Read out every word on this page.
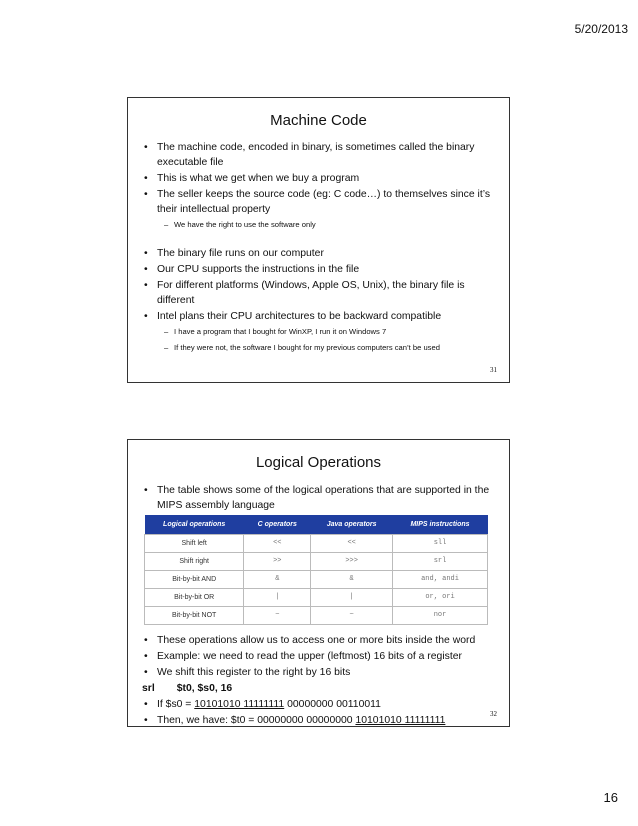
5/20/2013
Machine Code
• The machine code, encoded in binary, is sometimes called the binary executable file
• This is what we get when we buy a program
• The seller keeps the source code (eg: C code…) to themselves since it’s their intellectual property
– We have the right to use the software only
• The binary file runs on our computer
• Our CPU supports the instructions in the file
• For different platforms (Windows, Apple OS, Unix), the binary file is different
• Intel plans their CPU architectures to be backward compatible
– I have a program that I bought for WinXP, I run it on Windows 7
– If they were not, the software I bought for my previous computers can’t be used
31
Logical Operations
• The table shows some of the logical operations that are supported in the MIPS assembly language
Logical operations	C operators	Java operators	MIPS instructions
Shift left	<<	<<	sll
Shift right	>>	>>>	srl
Bit-by-bit AND	&	&	and, andi
Bit-by-bit OR	|	|	or, ori
Bit-by-bit NOT	~	~	nor
• These operations allow us to access one or more bits inside the word
• Example: we need to read the upper (leftmost) 16 bits of a register
• We shift this register to the right by 16 bits
srl $t0, $s0, 16
• If $s0 = 10101010 11111111 00000000 00110011
• Then, we have: $t0 = 00000000 00000000 10101010 11111111
32
16
